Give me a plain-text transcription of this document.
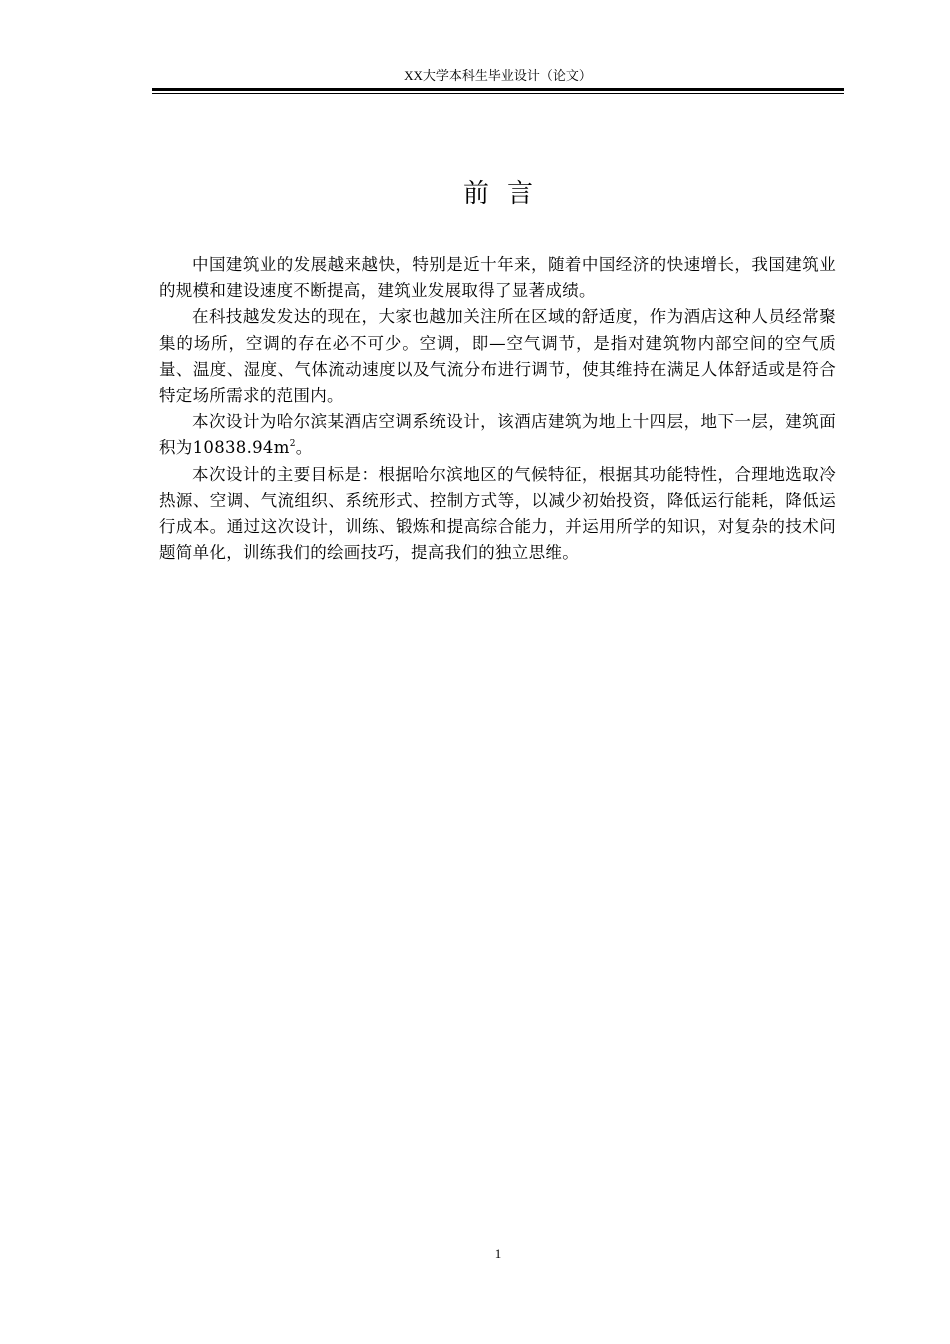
XX大学本科生毕业设计（论文）
前言

中国建筑业的发展越来越快，特别是近十年来，随着中国经济的快速增长，我国建筑业的规模和建设速度不断提高，建筑业发展取得了显著成绩。

在科技越发发达的现在，大家也越加关注所在区域的舒适度，作为酒店这种人员经常聚集的场所，空调的存在必不可少。空调，即—空气调节，是指对建筑物内部空间的空气质量、温度、湿度、气体流动速度以及气流分布进行调节，使其维持在满足人体舒适或是符合特定场所需求的范围内。

本次设计为哈尔滨某酒店空调系统设计，该酒店建筑为地上十四层，地下一层，建筑面积为$10838.94m^2$。

本次设计的主要目标是：根据哈尔滨地区的气候特征，根据其功能特性，合理地选取冷热源、空调、气流组织、系统形式、控制方式等，以减少初始投资，降低运行能耗，降低运行成本。通过这次设计，训练、锻炼和提高综合能力，并运用所学的知识，对复杂的技术问题简单化，训练我们的绘画技巧，提高我们的独立思维。

1
